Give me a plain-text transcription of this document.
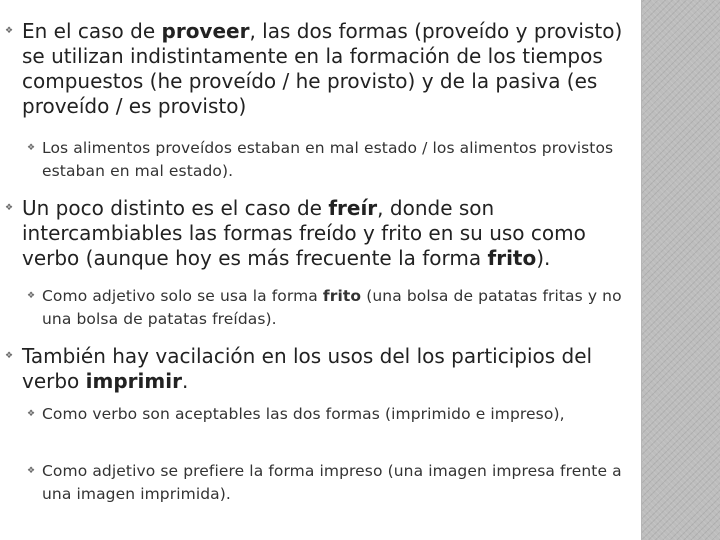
❖ En el caso de proveer, las dos formas (proveído y provisto) se utilizan indistintamente en la formación de los tiempos compuestos (he proveído / he provisto) y de la pasiva (es proveído / es provisto)
❖ Los alimentos proveídos estaban en mal estado / los alimentos provistos estaban en mal estado).
❖ Un poco distinto es el caso de freír, donde son intercambiables las formas freído y frito en su uso como verbo (aunque hoy es más frecuente la forma frito).
❖ Como adjetivo solo se usa la forma frito (una bolsa de patatas fritas y no una bolsa de patatas freídas).
❖ También hay vacilación en los usos del los participios del verbo imprimir.
❖ Como verbo son aceptables las dos formas (imprimido e impreso),
❖ Como adjetivo se prefiere la forma impreso (una imagen impresa frente a una imagen imprimida).
